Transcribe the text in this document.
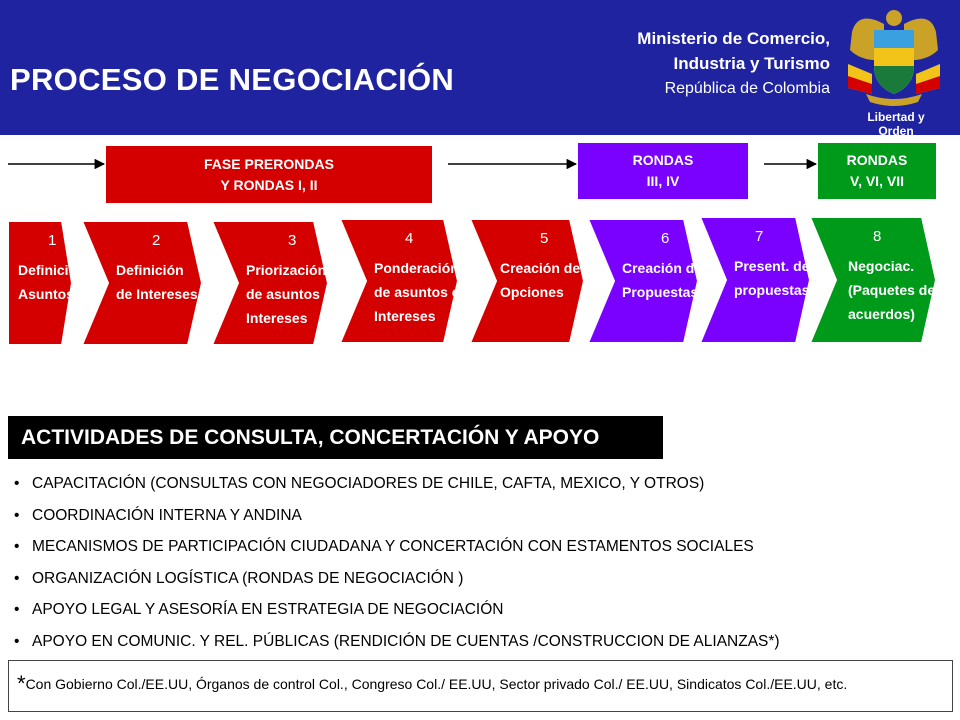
PROCESO DE NEGOCIACIÓN
Ministerio de Comercio,
Industria y Turismo
República de Colombia
Libertad y Orden
FASE PRERONDAS
Y RONDAS I, II
RONDAS
III, IV
RONDAS
V, VI, VII
1
Definición
Asuntos
2
Definición
de Intereses
3
Priorización
de asuntos e
Intereses
4
Ponderación
de asuntos e
Intereses
5
Creación de
Opciones
6
Creación de
Propuestas
7
Present. de
propuestas
8
Negociac.
(Paquetes de
acuerdos)
ACTIVIDADES DE CONSULTA, CONCERTACIÓN Y APOYO
• CAPACITACIÓN (CONSULTAS CON NEGOCIADORES DE CHILE, CAFTA, MEXICO, Y OTROS)
• COORDINACIÓN INTERNA Y ANDINA
• MECANISMOS DE PARTICIPACIÓN CIUDADANA Y CONCERTACIÓN CON ESTAMENTOS SOCIALES
• ORGANIZACIÓN LOGÍSTICA (RONDAS DE NEGOCIACIÓN )
• APOYO LEGAL Y ASESORÍA EN ESTRATEGIA DE NEGOCIACIÓN
• APOYO EN COMUNIC. Y REL. PÚBLICAS (RENDICIÓN DE CUENTAS /CONSTRUCCION DE ALIANZAS*)
*Con Gobierno Col./EE.UU, Órganos de control Col., Congreso Col./ EE.UU, Sector privado Col./ EE.UU, Sindicatos Col./EE.UU, etc.
